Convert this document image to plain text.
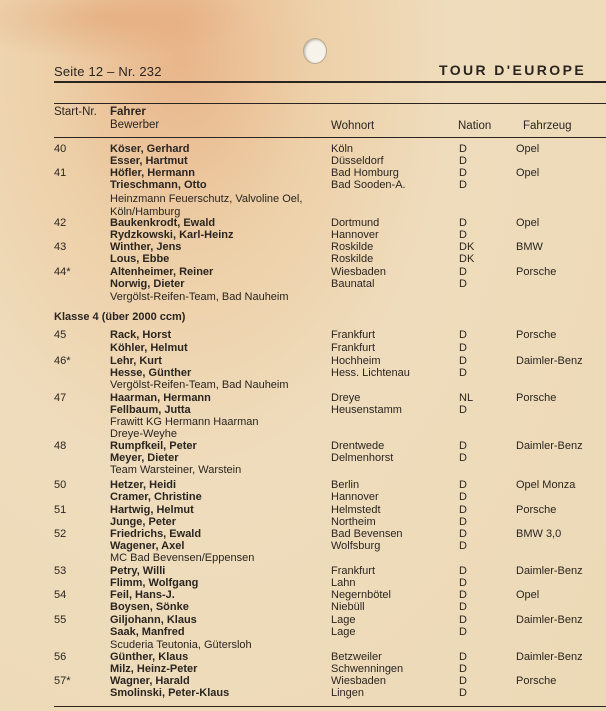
Seite 12 – Nr. 232	TOUR D'EUROPE
Start-Nr. Fahrer
Bewerber	Wohnort	Nation	Fahrzeug
Klasse 4 (über 2000 ccm)
40	Köser, Gerhard	Köln	D	Opel
Esser, Hartmut	Düsseldorf	D
41	Höfler, Hermann	Bad Homburg	D	Opel
Trieschmann, Otto	Bad Sooden-A.	D
Heinzmann Feuerschutz, Valvoline Oel,
Köln/Hamburg
42	Baukenkrodt, Ewald	Dortmund	D	Opel
Rydzkowski, Karl-Heinz	Hannover	D
43	Winther, Jens	Roskilde	DK	BMW
Lous, Ebbe	Roskilde	DK
44*	Altenheimer, Reiner	Wiesbaden	D	Porsche
Norwig, Dieter	Baunatal	D
Vergölst-Reifen-Team, Bad Nauheim
45	Rack, Horst	Frankfurt	D	Porsche
Köhler, Helmut	Frankfurt	D
46*	Lehr, Kurt	Hochheim	D	Daimler-Benz
Hesse, Günther	Hess. Lichtenau	D
Vergölst-Reifen-Team, Bad Nauheim
47	Haarman, Hermann	Dreye	NL	Porsche
Fellbaum, Jutta	Heusenstamm	D
Frawitt KG Hermann Haarman
Dreye-Weyhe
48	Rumpfkeil, Peter	Drentwede	D	Daimler-Benz
Meyer, Dieter	Delmenhorst	D
Team Warsteiner, Warstein
50	Hetzer, Heidi	Berlin	D	Opel Monza
Cramer, Christine	Hannover	D
51	Hartwig, Helmut	Helmstedt	D	Porsche
Junge, Peter	Northeim	D
52	Friedrichs, Ewald	Bad Bevensen	D	BMW 3,0
Wagener, Axel	Wolfsburg	D
MC Bad Bevensen/Eppensen
53	Petry, Willi	Frankfurt	D	Daimler-Benz
Flimm, Wolfgang	Lahn	D
54	Feil, Hans-J.	Negernbötel	D	Opel
Boysen, Sönke	Niebüll	D
55	Giljohann, Klaus	Lage	D	Daimler-Benz
Saak, Manfred	Lage	D
Scuderia Teutonia, Gütersloh
56	Günther, Klaus	Betzweiler	D	Daimler-Benz
Milz, Heinz-Peter	Schwenningen	D
57*	Wagner, Harald	Wiesbaden	D	Porsche
Smolinski, Peter-Klaus	Lingen	D
